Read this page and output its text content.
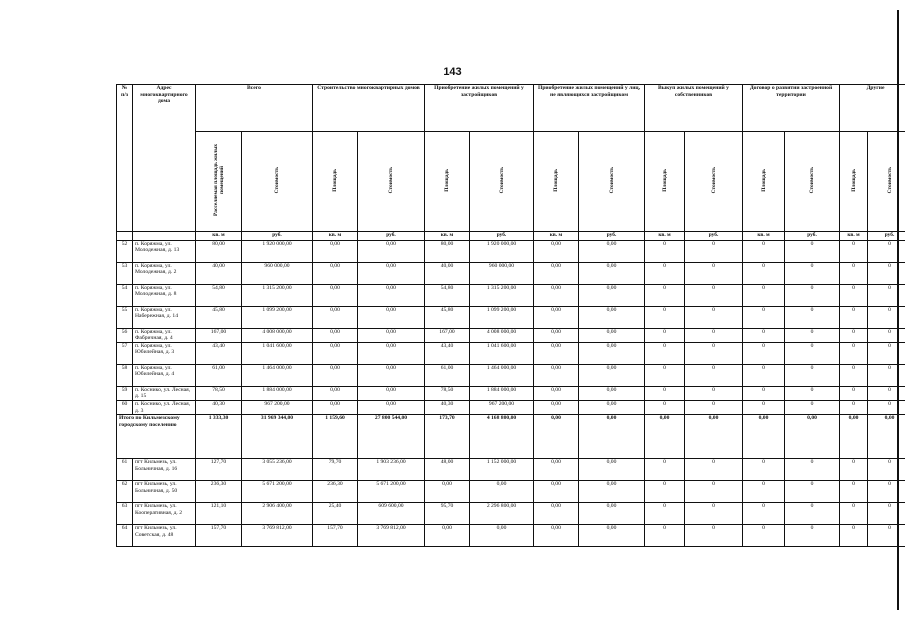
143
№ п/з	Адрес многоквартирного дома	Всего		Строительство многоквартирных домов		Приобретение жилых помещений у застройщиков		Приобретение жилых помещений у лиц, не являющихся застройщиком		Выкуп жилых помещений у собственников		Договор о развитии застроенной территории		Другие	
		Расселяемая площадь жилых помещений	Стоимость	Площадь	Стоимость	Площадь	Стоимость	Площадь	Стоимость	Площадь	Стоимость	Площадь	Стоимость	Площадь	Стоимость
		кв. м	руб.	кв. м	руб.	кв. м	руб.	кв. м	руб.	кв. м	руб.	кв. м	руб.	кв. м	руб.
52	п. Коряжма, ул. Молодежная, д. 13	80,00	1 920 000,00	0,00	0,00	80,00	1 920 000,00	0,00	0,00	0	0	0	0	0	0
53	п. Коряжма, ул. Молодежная, д. 2	40,00	960 000,00	0,00	0,00	40,00	960 000,00	0,00	0,00	0	0	0	0	0	0
54	п. Коряжма, ул. Молодежная, д. 8	54,80	1 315 200,00	0,00	0,00	54,80	1 315 200,00	0,00	0,00	0	0	0	0	0	0
55	п. Коряжма, ул. Набережная, д. 14	45,80	1 099 200,00	0,00	0,00	45,80	1 099 200,00	0,00	0,00	0	0	0	0	0	0
56	п. Коряжма, ул. Фабричная, д. 4	167,00	4 008 000,00	0,00	0,00	167,00	4 008 000,00	0,00	0,00	0	0	0	0	0	0
57	п. Коряжма, ул. Юбилейная, д. 3	43,40	1 041 600,00	0,00	0,00	43,40	1 041 600,00	0,00	0,00	0	0	0	0	0	0
58	п. Коряжма, ул. Юбилейная, д. 4	61,00	1 464 000,00	0,00	0,00	61,00	1 464 000,00	0,00	0,00	0	0	0	0	0	0
59	п. Коснико, ул. Лесная, д. 15	78,50	1 884 000,00	0,00	0,00	78,50	1 884 000,00	0,00	0,00	0	0	0	0	0	0
60	п. Коснико, ул. Лесная, д. 3	40,30	967 200,00	0,00	0,00	40,30	967 200,00	0,00	0,00	0	0	0	0	0	0
Итого по Кильмезскому городскому поселению		1 333,30	31 969 344,00	1 159,60	27 800 544,00	173,70	4 168 800,00	0,00	0,00	0,00	0,00	0,00	0,00	0,00	0,00
61	пгт Кильмезь, ул. Больничная, д. 16	127,70	3 055 236,00	79,70	1 903 236,00	48,00	1 152 000,00	0,00	0,00	0	0	0	0	0	0
62	пгт Кильмезь, ул. Больничная, д. 50	236,30	5 671 200,00	236,30	5 671 200,00	0,00	0,00	0,00	0,00	0	0	0	0	0	0
63	пгт Кильмезь, ул. Кооперативная, д. 2	121,10	2 906 400,00	25,40	609 600,00	95,70	2 296 800,00	0,00	0,00	0	0	0	0	0	0
64	пгт Кильмезь, ул. Советская, д. 48	157,70	3 769 812,00	157,70	3 769 812,00	0,00	0,00	0,00	0,00	0	0	0	0	0	0
